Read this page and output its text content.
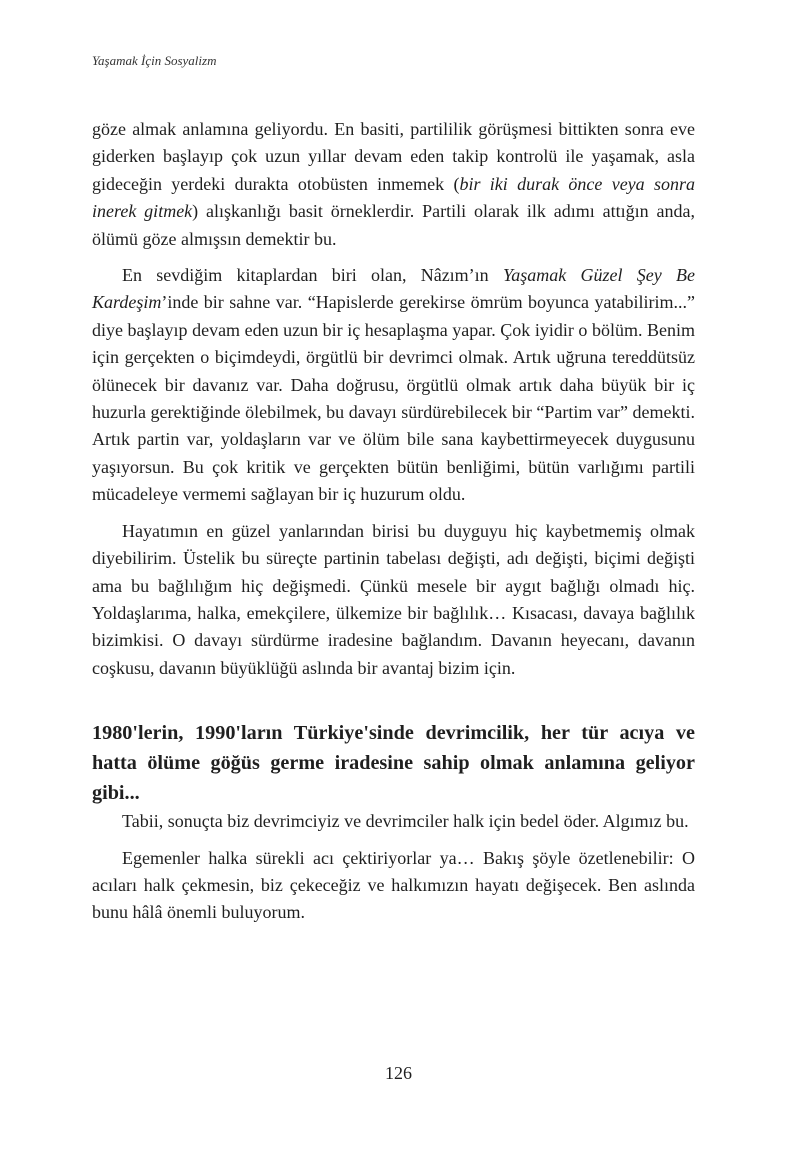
Yaşamak İçin Sosyalizm

göze almak anlamına geliyordu. En basiti, partililik görüşmesi bittikten sonra eve giderken başlayıp çok uzun yıllar devam eden takip kontrolü ile yaşamak, asla gideceğin yerdeki durakta otobüsten inmemek (bir iki durak önce veya sonra inerek gitmek) alışkanlığı basit örneklerdir. Partili olarak ilk adımı attığın anda, ölümü göze almışsın demektir bu.

En sevdiğim kitaplardan biri olan, Nâzım’ın Yaşamak Güzel Şey Be Kardeşim’inde bir sahne var. “Hapislerde gerekirse ömrüm boyunca yatabilirim...” diye başlayıp devam eden uzun bir iç hesaplaşma yapar. Çok iyidir o bölüm. Benim için gerçekten o biçimdeydi, örgütlü bir devrimci olmak. Artık uğruna tereddütsüz ölünecek bir davanız var. Daha doğrusu, örgütlü olmak artık daha büyük bir iç huzurla gerektiğinde ölebilmek, bu davayı sürdürebilecek bir “Partim var” demekti. Artık partin var, yoldaşların var ve ölüm bile sana kaybettirmeyecek duygusunu yaşıyorsun. Bu çok kritik ve gerçekten bütün benliğimi, bütün varlığımı partili mücadeleye vermemi sağlayan bir iç huzurum oldu.

Hayatımın en güzel yanlarından birisi bu duyguyu hiç kaybetmemiş olmak diyebilirim. Üstelik bu süreçte partinin tabelası değişti, adı değişti, biçimi değişti ama bu bağlılığım hiç değişmedi. Çünkü mesele bir aygıt bağlığı olmadı hiç. Yoldaşlarıma, halka, emekçilere, ülkemize bir bağlılık… Kısacası, davaya bağlılık bizimkisi. O davayı sürdürme iradesine bağlandım. Davanın heyecanı, davanın coşkusu, davanın büyüklüğü aslında bir avantaj bizim için.

1980'lerin, 1990'ların Türkiye'sinde devrimcilik, her tür acıya ve hatta ölüme göğüs germe iradesine sahip olmak anlamına geliyor gibi...

Tabii, sonuçta biz devrimciyiz ve devrimciler halk için bedel öder. Algımız bu.

Egemenler halka sürekli acı çektiriyorlar ya… Bakış şöyle özetlenebilir: O acıları halk çekmesin, biz çekeceğiz ve halkımızın hayatı değişecek. Ben aslında bunu hâlâ önemli buluyorum.

126
